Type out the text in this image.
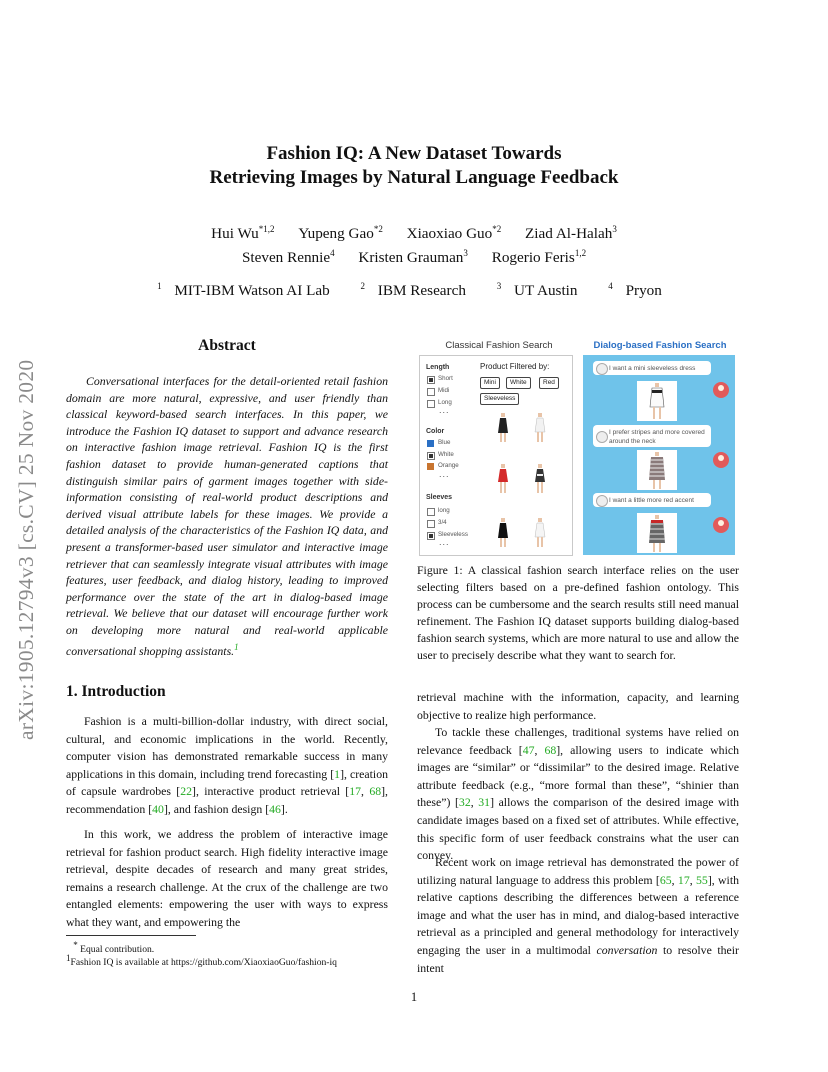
arXiv:1905.12794v3 [cs.CV] 25 Nov 2020
Fashion IQ: A New Dataset Towards
Retrieving Images by Natural Language Feedback
Hui Wu$^{*1,2}$ Yupeng Gao$^{*2}$ Xiaoxiao Guo$^{*2}$ Ziad Al-Halah$^3$
Steven Rennie$^4$ Kristen Grauman$^3$ Rogerio Feris$^{1,2}$
$^1$ MIT-IBM Watson AI Lab	$^2$ IBM Research	$^3$ UT Austin	$^4$ Pryon
Abstract
Conversational interfaces for the detail-oriented retail fashion domain are more natural, expressive, and user friendly than classical keyword-based search interfaces. In this paper, we introduce the Fashion IQ dataset to support and advance research on interactive fashion image retrieval. Fashion IQ is the first fashion dataset to provide human-generated captions that distinguish similar pairs of garment images together with side-information consisting of real-world product descriptions and derived visual attribute labels for these images. We provide a detailed analysis of the characteristics of the Fashion IQ data, and present a transformer-based user simulator and interactive image retriever that can seamlessly integrate visual attributes with image features, user feedback, and dialog history, leading to improved performance over the state of the art in dialog-based image retrieval. We believe that our dataset will encourage further work on developing more natural and real-world applicable conversational shopping assistants.$^1$
1. Introduction
Fashion is a multi-billion-dollar industry, with direct social, cultural, and economic implications in the world. Recently, computer vision has demonstrated remarkable success in many applications in this domain, including trend forecasting [1], creation of capsule wardrobes [22], interactive product retrieval [17, 68], recommendation [40], and fashion design [46].
In this work, we address the problem of interactive image retrieval for fashion product search. High fidelity interactive image retrieval, despite decades of research and many great strides, remains a research challenge. At the crux of the challenge are two entangled elements: empowering the user with ways to express what they want, and empowering the
* Equal contribution.
$^1$Fashion IQ is available at https://github.com/XiaoxiaoGuo/fashion-iq
1
Classical Fashion Search	Dialog-based Fashion Search
Length
Short
Midi
Long
...
Color
Blue
White
Orange
...
Sleeves
long
3/4
Sleeveless
...
Product Filtered by:
Mini	White	Red
Sleeveless
I want a mini sleeveless dress
I prefer stripes and more covered around the neck
I want a little more red accent
Figure 1: A classical fashion search interface relies on the user selecting filters based on a pre-defined fashion ontology. This process can be cumbersome and the search results still need manual refinement. The Fashion IQ dataset supports building dialog-based fashion search systems, which are more natural to use and allow the user to precisely describe what they want to search for.
retrieval machine with the information, capacity, and learning objective to realize high performance.
To tackle these challenges, traditional systems have relied on relevance feedback [47, 68], allowing users to indicate which images are “similar” or “dissimilar” to the desired image. Relative attribute feedback (e.g., “more formal than these”, “shinier than these”) [32, 31] allows the comparison of the desired image with candidate images based on a fixed set of attributes. While effective, this specific form of user feedback constrains what the user can convey.
Recent work on image retrieval has demonstrated the power of utilizing natural language to address this problem [65, 17, 55], with relative captions describing the differences between a reference image and what the user has in mind, and dialog-based interactive retrieval as a principled and general methodology for interactively engaging the user in a multimodal conversation to resolve their intent
